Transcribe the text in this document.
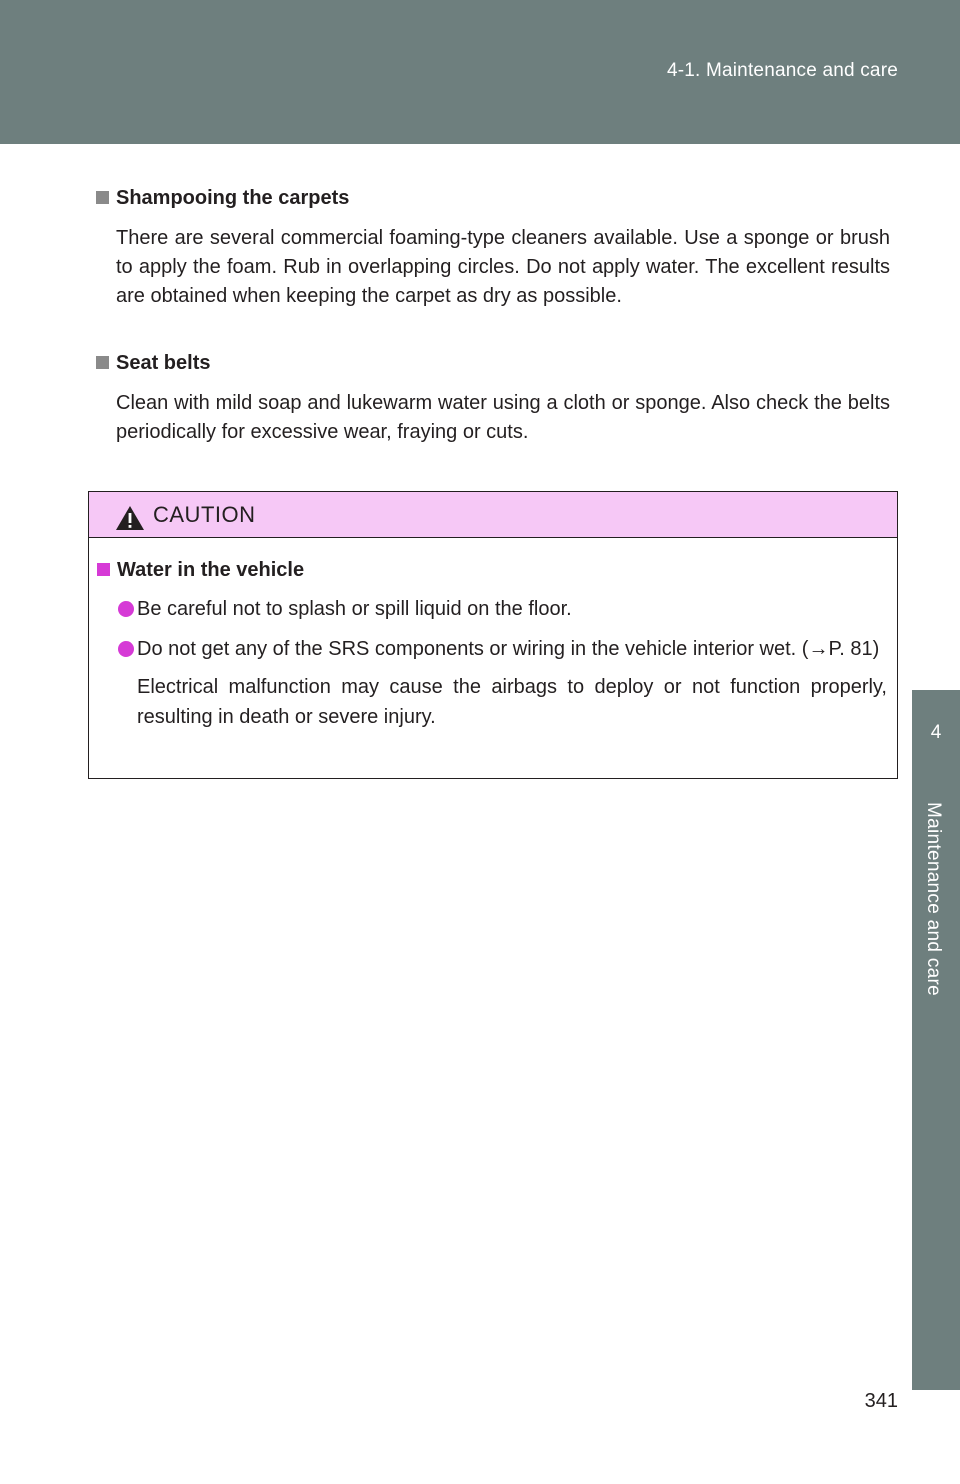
4-1. Maintenance and care
4
Maintenance and care
Shampooing the carpets
There are several commercial foaming-type cleaners available. Use a sponge or brush to apply the foam. Rub in overlapping circles. Do not apply water. The excellent results are obtained when keeping the carpet as dry as possible.
Seat belts
Clean with mild soap and lukewarm water using a cloth or sponge. Also check the belts periodically for excessive wear, fraying or cuts.
CAUTION
Water in the vehicle
Be careful not to splash or spill liquid on the floor.
Do not get any of the SRS components or wiring in the vehicle interior wet. (→P. 81)
Electrical malfunction may cause the airbags to deploy or not function properly, resulting in death or severe injury.
341
